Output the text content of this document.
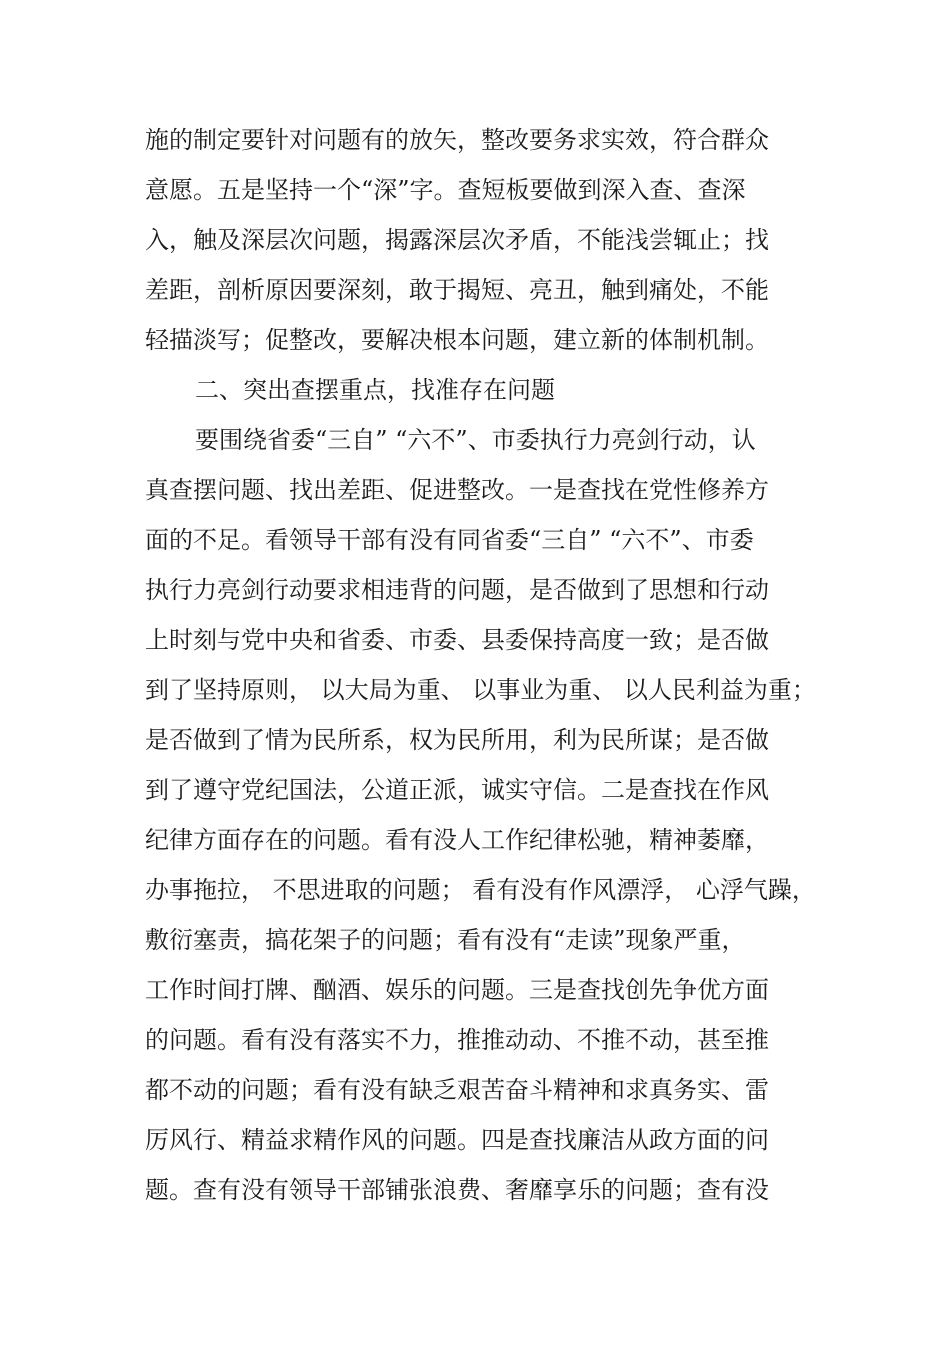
施的制定要针对问题有的放矢，整改要务求实效，符合群众
意愿。五是坚持一个“深”字。查短板要做到深入查、查深
入，触及深层次问题，揭露深层次矛盾，不能浅尝辄止；找
差距，剖析原因要深刻，敢于揭短、亮丑，触到痛处，不能
轻描淡写；促整改，要解决根本问题，建立新的体制机制。
二、突出查摆重点，找准存在问题
要围绕省委“三自” “六不”、市委执行力亮剑行动，认
真查摆问题、找出差距、促进整改。一是查找在党性修养方
面的不足。看领导干部有没有同省委“三自” “六不”、市委
执行力亮剑行动要求相违背的问题，是否做到了思想和行动
上时刻与党中央和省委、市委、县委保持高度一致；是否做
到了坚持原则， 以大局为重、 以事业为重、 以人民利益为重；
是否做到了情为民所系，权为民所用，利为民所谋；是否做
到了遵守党纪国法，公道正派，诚实守信。二是查找在作风
纪律方面存在的问题。看有没人工作纪律松驰，精神萎靡，
办事拖拉， 不思进取的问题； 看有没有作风漂浮， 心浮气躁，
敷衍塞责，搞花架子的问题；看有没有“走读”现象严重，
工作时间打牌、酗酒、娱乐的问题。三是查找创先争优方面
的问题。看有没有落实不力，推推动动、不推不动，甚至推
都不动的问题；看有没有缺乏艰苦奋斗精神和求真务实、雷
厉风行、精益求精作风的问题。四是查找廉洁从政方面的问
题。查有没有领导干部铺张浪费、奢靡享乐的问题；查有没
